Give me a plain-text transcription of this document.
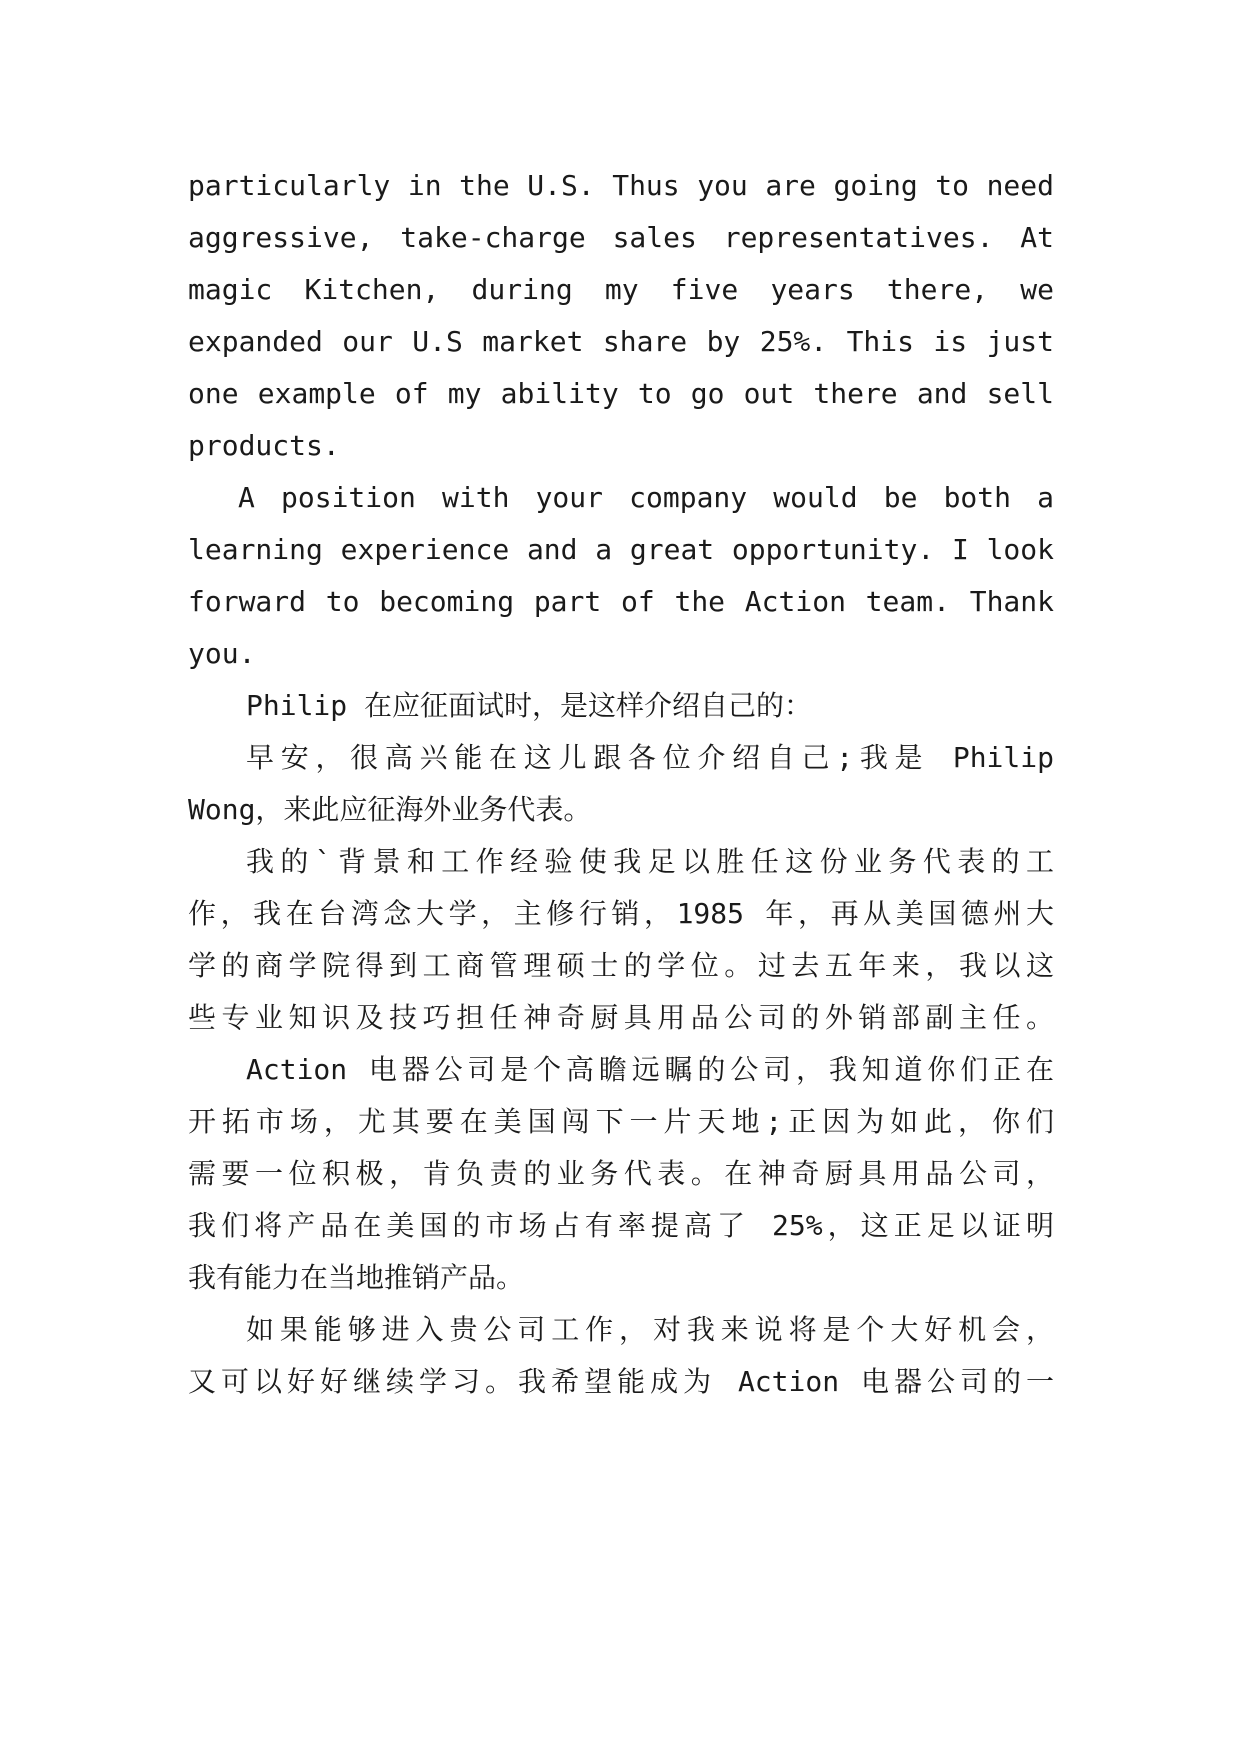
particularly in the U.S. Thus you are going to need
aggressive, take-charge sales representatives. At
magic Kitchen, during my five years there, we
expanded our U.S market share by 25%. This is just
one example of my ability to go out there and sell
products.
A position with your company would be both a
learning experience and a great opportunity. I look
forward to becoming part of the Action team. Thank
you.
Philip 在应征面试时，是这样介绍自己的：
早安，很高兴能在这儿跟各位介绍自己;我是 Philip
Wong，来此应征海外业务代表。
我的`背景和工作经验使我足以胜任这份业务代表的工
作，我在台湾念大学，主修行销，1985 年，再从美国德州大
学的商学院得到工商管理硕士的学位。过去五年来，我以这
些专业知识及技巧担任神奇厨具用品公司的外销部副主任。
Action 电器公司是个高瞻远瞩的公司，我知道你们正在
开拓市场，尤其要在美国闯下一片天地;正因为如此，你们
需要一位积极，肯负责的业务代表。在神奇厨具用品公司，
我们将产品在美国的市场占有率提高了 25%，这正足以证明
我有能力在当地推销产品。
如果能够进入贵公司工作，对我来说将是个大好机会，
又可以好好继续学习。我希望能成为 Action 电器公司的一
